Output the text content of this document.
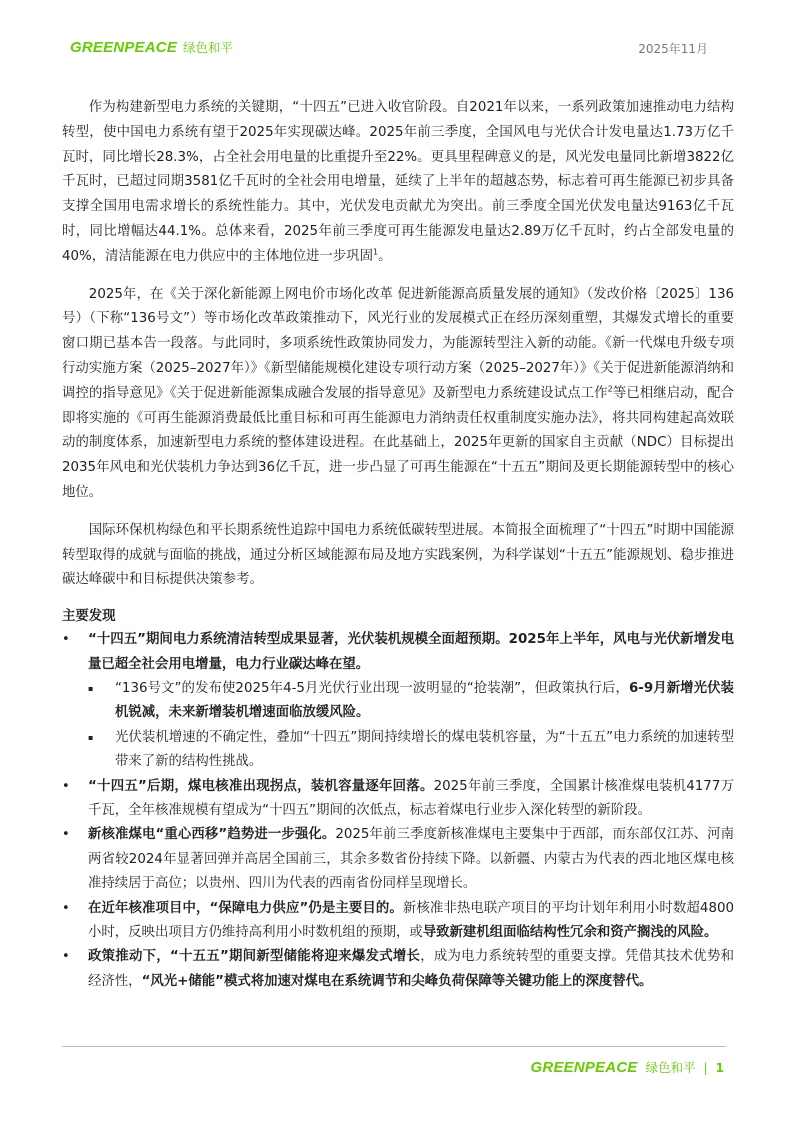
GREENPEACE 绿色和平	2025年11月

作为构建新型电力系统的关键期，“十四五”已进入收官阶段。自2021年以来，一系列政策加速推动电力结构转型，使中国电力系统有望于2025年实现碳达峰。2025年前三季度，全国风电与光伏合计发电量达1.73万亿千瓦时，同比增长28.3%，占全社会用电量的比重提升至22%。更具里程碑意义的是，风光发电量同比新增3822亿千瓦时，已超过同期3581亿千瓦时的全社会用电增量，延续了上半年的超越态势，标志着可再生能源已初步具备支撑全国用电需求增长的系统性能力。其中，光伏发电贡献尤为突出。前三季度全国光伏发电量达9163亿千瓦时，同比增幅达44.1%。总体来看，2025年前三季度可再生能源发电量达2.89万亿千瓦时，约占全部发电量的40%，清洁能源在电力供应中的主体地位进一步巩固$^1$。

2025年，在《关于深化新能源上网电价市场化改革 促进新能源高质量发展的通知》（发改价格〔2025〕136号）（下称“136号文”）等市场化改革政策推动下，风光行业的发展模式正在经历深刻重塑，其爆发式增长的重要窗口期已基本告一段落。与此同时，多项系统性政策协同发力，为能源转型注入新的动能。《新一代煤电升级专项行动实施方案（2025–2027年）》《新型储能规模化建设专项行动方案（2025–2027年）》《关于促进新能源消纳和调控的指导意见》《关于促进新能源集成融合发展的指导意见》及新型电力系统建设试点工作$^2$等已相继启动，配合即将实施的《可再生能源消费最低比重目标和可再生能源电力消纳责任权重制度实施办法》，将共同构建起高效联动的制度体系，加速新型电力系统的整体建设进程。在此基础上，2025年更新的国家自主贡献（NDC）目标提出2035年风电和光伏装机力争达到36亿千瓦，进一步凸显了可再生能源在“十五五”期间及更长期能源转型中的核心地位。

国际环保机构绿色和平长期系统性追踪中国电力系统低碳转型进展。本简报全面梳理了“十四五”时期中国能源转型取得的成就与面临的挑战，通过分析区域能源布局及地方实践案例，为科学谋划“十五五”能源规划、稳步推进碳达峰碳中和目标提供决策参考。

主要发现
• “十四五”期间电力系统清洁转型成果显著，光伏装机规模全面超预期。2025年上半年，风电与光伏新增发电量已超全社会用电增量，电力行业碳达峰在望。
▪ “136号文”的发布使2025年4-5月光伏行业出现一波明显的“抢装潮”，但政策执行后，6-9月新增光伏装机锐减，未来新增装机增速面临放缓风险。
▪ 光伏装机增速的不确定性，叠加“十四五”期间持续增长的煤电装机容量，为“十五五”电力系统的加速转型带来了新的结构性挑战。
• “十四五”后期，煤电核准出现拐点，装机容量逐年回落。2025年前三季度，全国累计核准煤电装机4177万千瓦，全年核准规模有望成为“十四五”期间的次低点，标志着煤电行业步入深化转型的新阶段。
• 新核准煤电“重心西移”趋势进一步强化。2025年前三季度新核准煤电主要集中于西部，而东部仅江苏、河南两省较2024年显著回弹并高居全国前三，其余多数省份持续下降。以新疆、内蒙古为代表的西北地区煤电核准持续居于高位；以贵州、四川为代表的西南省份同样呈现增长。
• 在近年核准项目中，“保障电力供应”仍是主要目的。新核准非热电联产项目的平均计划年利用小时数超4800小时，反映出项目方仍维持高利用小时数机组的预期，或导致新建机组面临结构性冗余和资产搁浅的风险。
• 政策推动下，“十五五”期间新型储能将迎来爆发式增长，成为电力系统转型的重要支撑。凭借其技术优势和经济性，“风光+储能”模式将加速对煤电在系统调节和尖峰负荷保障等关键功能上的深度替代。
GREENPEACE 绿色和平 | 1
